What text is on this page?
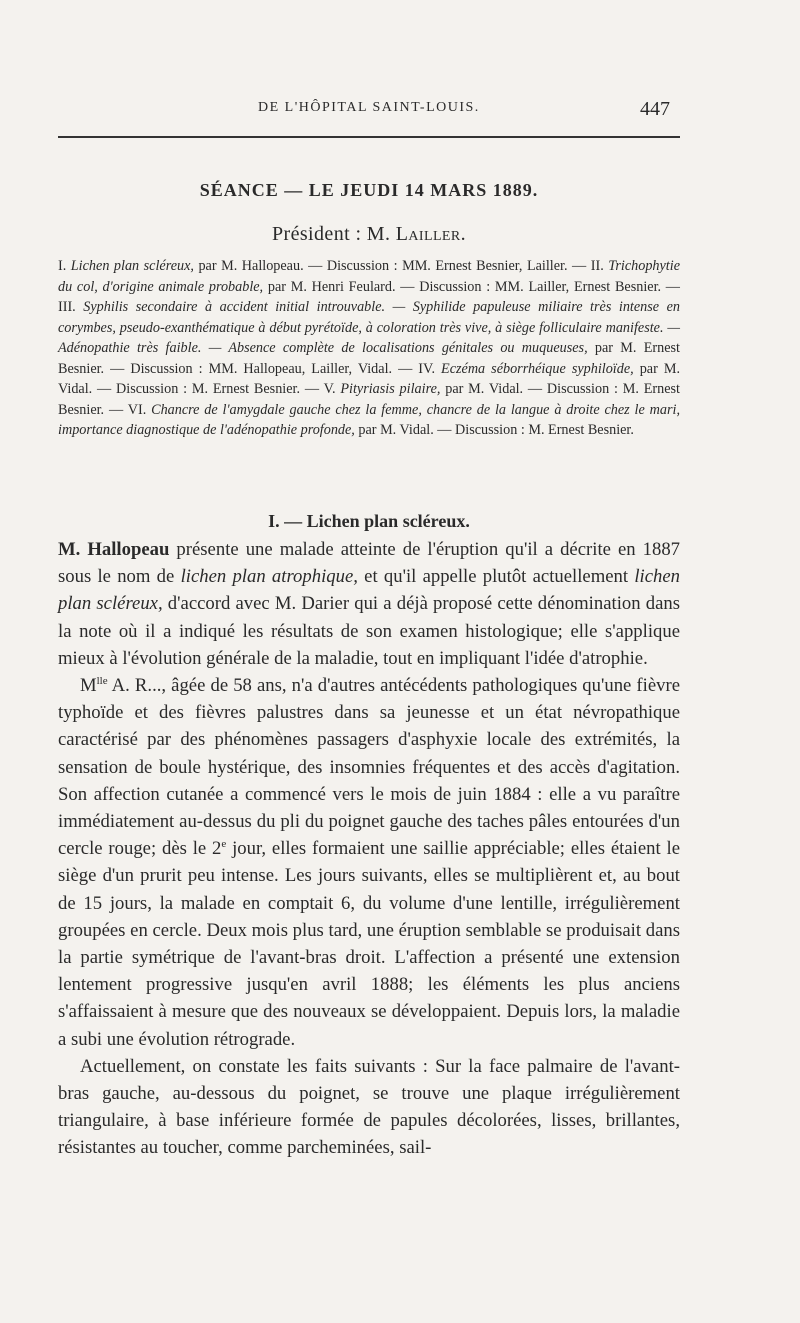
DE L'HÔPITAL SAINT-LOUIS.	447
SÉANCE — LE JEUDI 14 MARS 1889.
Président : M. Lailler.
I. Lichen plan scléreux, par M. Hallopeau. — Discussion : MM. Ernest Besnier, Lailler. — II. Trichophytie du col, d'origine animale probable, par M. Henri Feulard. — Discussion : MM. Lailler, Ernest Besnier. — III. Syphilis secondaire à accident initial introuvable. — Syphilide papuleuse miliaire très intense en corymbes, pseudo-exanthématique à début pyrétoïde, à coloration très vive, à siège folliculaire manifeste. — Adénopathie très faible. — Absence complète de localisations génitales ou muqueuses, par M. Ernest Besnier. — Discussion : MM. Hallopeau, Lailler, Vidal. — IV. Eczéma séborrhéique syphiloïde, par M. Vidal. — Discussion : M. Ernest Besnier. — V. Pityriasis pilaire, par M. Vidal. — Discussion : M. Ernest Besnier. — VI. Chancre de l'amygdale gauche chez la femme, chancre de la langue à droite chez le mari, importance diagnostique de l'adénopathie profonde, par M. Vidal. — Discussion : M. Ernest Besnier.
I. — Lichen plan scléreux.

M. Hallopeau présente une malade atteinte de l'éruption qu'il a décrite en 1887 sous le nom de lichen plan atrophique, et qu'il appelle plutôt actuellement lichen plan scléreux, d'accord avec M. Darier qui a déjà proposé cette dénomination dans la note où il a indiqué les résultats de son examen histologique; elle s'applique mieux à l'évolution générale de la maladie, tout en impliquant l'idée d'atrophie.

$M^{lle}$ A. R..., âgée de 58 ans, n'a d'autres antécédents pathologiques qu'une fièvre typhoïde et des fièvres palustres dans sa jeunesse et un état névropathique caractérisé par des phénomènes passagers d'asphyxie locale des extrémités, la sensation de boule hystérique, des insomnies fréquentes et des accès d'agitation. Son affection cutanée a commencé vers le mois de juin 1884 : elle a vu paraître immédiatement au-dessus du pli du poignet gauche des taches pâles entourées d'un cercle rouge; dès le 2e jour, elles formaient une saillie appréciable; elles étaient le siège d'un prurit peu intense. Les jours suivants, elles se multiplièrent et, au bout de 15 jours, la malade en comptait 6, du volume d'une lentille, irrégulièrement groupées en cercle. Deux mois plus tard, une éruption semblable se produisait dans la partie symétrique de l'avant-bras droit. L'affection a présenté une extension lentement progressive jusqu'en avril 1888; les éléments les plus anciens s'affaissaient à mesure que des nouveaux se développaient. Depuis lors, la maladie a subi une évolution rétrograde.

Actuellement, on constate les faits suivants : Sur la face palmaire de l'avant-bras gauche, au-dessous du poignet, se trouve une plaque irrégulièrement triangulaire, à base inférieure formée de papules décolorées, lisses, brillantes, résistantes au toucher, comme parcheminées, sail-
